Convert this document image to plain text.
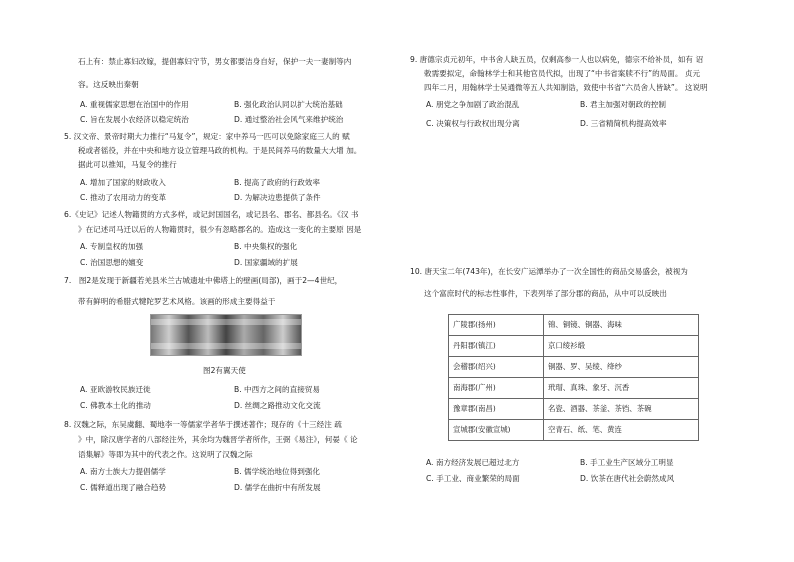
石上有：禁止寡妇改嫁，提倡寡妇守节，男女都要洁身自好，保护一夫一妻制等内
容。这反映出秦朝
A. 重视儒家思想在治国中的作用	B. 强化政治认同以扩大统治基础
C. 旨在发展小农经济以稳定统治	D. 通过整治社会风气来维护统治
5. 汉文帝、景帝时期大力推行“马复令”，规定：家中养马一匹可以免除家庭三人的 赋
税或者徭役，并在中央和地方设立管理马政的机构。于是民间养马的数量大大增 加。
据此可以推知，马复令的推行
A. 增加了国家的财政收入	B. 提高了政府的行政效率
C. 推动了农用动力的变革	D. 为解决边患提供了条件
6.《史记》记述人物籍贯的方式多样，或记封国国名，或记县名、郡名、都县名。《汉 书
》在记述司马迁以后的人物籍贯时，很少有忽略郡名的。造成这一变化的主要原 因是
A. 专制皇权的加强	B. 中央集权的强化
C. 治国思想的嬗变	D. 国家疆域的扩展
7.　图2是发现于新疆若羌县米兰古城遗址中佛塔上的壁画(局部)，画于2—4世纪，
带有鲜明的希腊式犍陀罗艺术风格。该画的形成主要得益于
图2有翼天使
A. 亚欧游牧民族迁徙	B. 中西方之间的直接贸易
C. 佛教本土化的推动	D. 丝绸之路推动文化交流
8. 汉魏之际，东吴虞翻、蜀地李一等儒家学者华于撰述著作；现存的《十三经注 疏
》中，除汉唐学者的八部经注外，其余均为魏晋学者所作，王弼《易注》，何晏《 论
语集解》等即为其中的代表之作。这说明了汉魏之际
A. 南方士族大力提倡儒学	B. 儒学统治地位得到强化
C. 儒释道出现了融合趋势	D. 儒学在曲折中有所发展
9. 唐德宗贞元初年，中书舍人缺五员，仅剩高参一人也以病免，德宗不给补员，如有 诏
敕需要拟定，命翰林学士和其他官员代拟，出现了“中书省案牍不行”的局面。 贞元
四年二月，用翰林学士吴通微等五人共知制诰，致使中书省“六员舍人皆缺”。 这说明
A. 朋党之争加剧了政治混乱	B. 君主加强对朝政的控制
C. 决策权与行政权出现分离	D. 三省精简机构提高效率
10. 唐天宝二年(743年)，在长安广运潭举办了一次全国性的商品交易盛会，被视为
这个富庶时代的标志性事件，下表列举了部分郡的商品，从中可以反映出
广陵郡(扬州)	锦、铜镜、铜器、海味
丹阳郡(镇江)	京口绫衫缎
会稽郡(绍兴)	铜器、罗、吴绫、绛纱
南海郡(广州)	玳瑁、真珠、象牙、沉香
豫章郡(南昌)	名瓷、酒器、茶釜、茶铛、茶碗
宣城郡(安徽宣城)	空青石、纸、笔、黄连
A. 南方经济发展已超过北方	B. 手工业生产区域分工明显
C. 手工业、商业繁荣的局面	D. 饮茶在唐代社会蔚然成风
